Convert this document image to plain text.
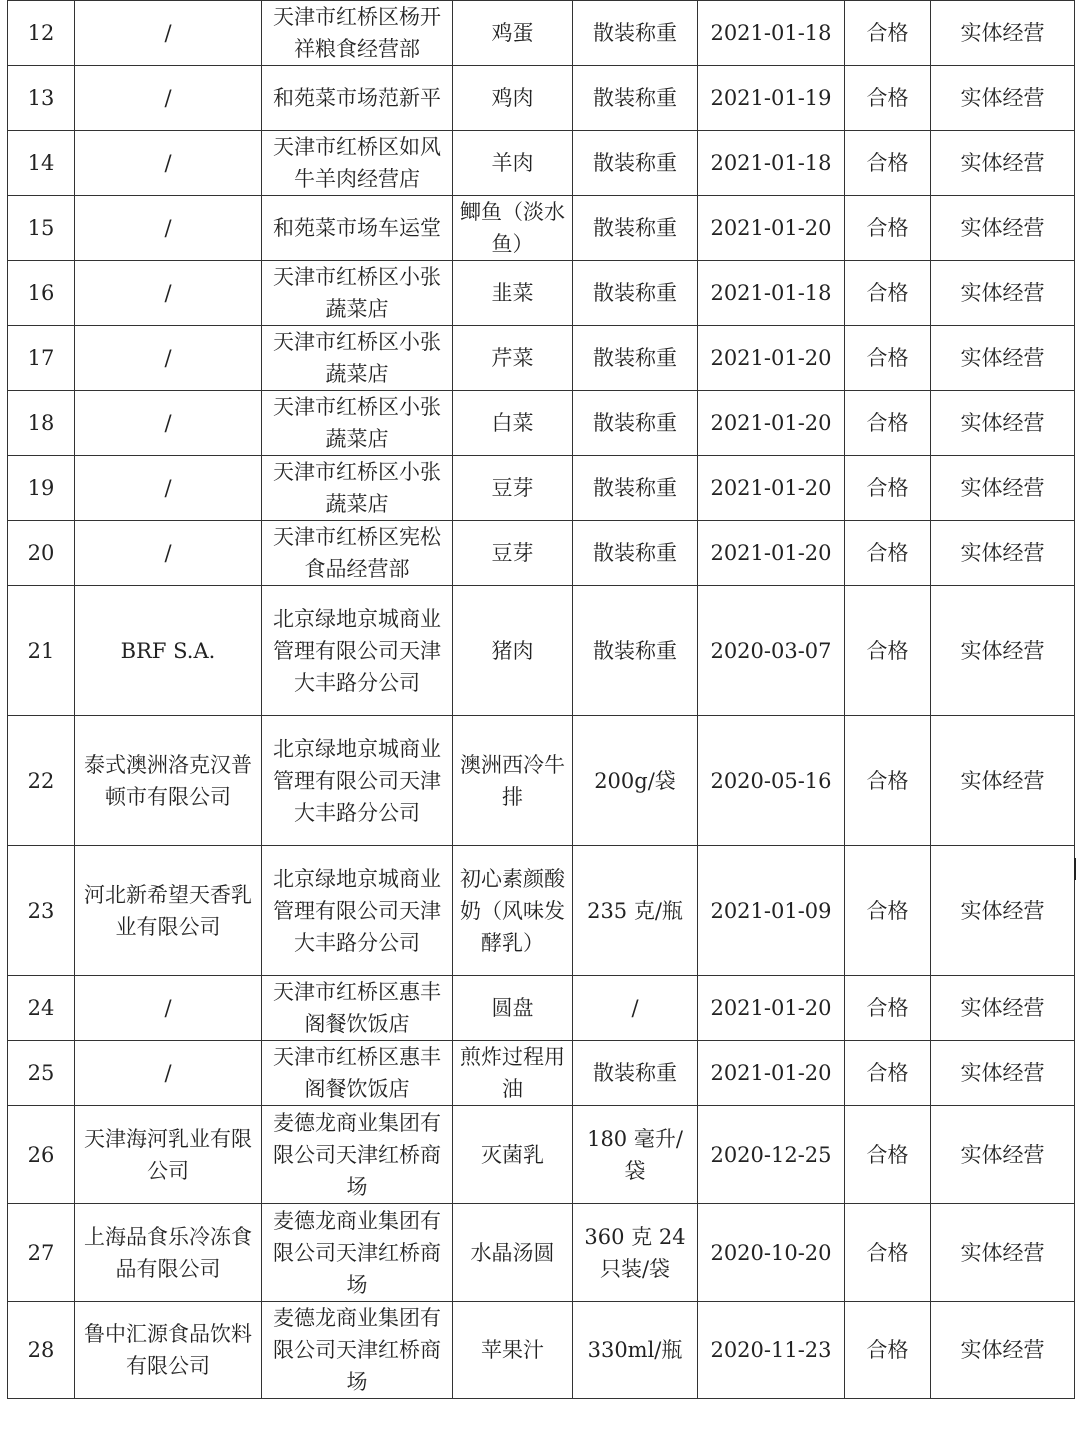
12	/	天津市红桥区杨开祥粮食经营部	鸡蛋	散装称重	2021-01-18	合格	实体经营
13	/	和苑菜市场范新平	鸡肉	散装称重	2021-01-19	合格	实体经营
14	/	天津市红桥区如风牛羊肉经营店	羊肉	散装称重	2021-01-18	合格	实体经营
15	/	和苑菜市场车运堂	鲫鱼（淡水鱼）	散装称重	2021-01-20	合格	实体经营
16	/	天津市红桥区小张蔬菜店	韭菜	散装称重	2021-01-18	合格	实体经营
17	/	天津市红桥区小张蔬菜店	芹菜	散装称重	2021-01-20	合格	实体经营
18	/	天津市红桥区小张蔬菜店	白菜	散装称重	2021-01-20	合格	实体经营
19	/	天津市红桥区小张蔬菜店	豆芽	散装称重	2021-01-20	合格	实体经营
20	/	天津市红桥区宪松食品经营部	豆芽	散装称重	2021-01-20	合格	实体经营
21	BRF S.A.	北京绿地京城商业管理有限公司天津大丰路分公司	猪肉	散装称重	2020-03-07	合格	实体经营
22	泰式澳洲洛克汉普顿市有限公司	北京绿地京城商业管理有限公司天津大丰路分公司	澳洲西冷牛排	200g/袋	2020-05-16	合格	实体经营
23	河北新希望天香乳业有限公司	北京绿地京城商业管理有限公司天津大丰路分公司	初心素颜酸奶（风味发酵乳）	235 克/瓶	2021-01-09	合格	实体经营
24	/	天津市红桥区惠丰阁餐饮饭店	圆盘	/	2021-01-20	合格	实体经营
25	/	天津市红桥区惠丰阁餐饮饭店	煎炸过程用油	散装称重	2021-01-20	合格	实体经营
26	天津海河乳业有限公司	麦德龙商业集团有限公司天津红桥商场	灭菌乳	180 毫升/袋	2020-12-25	合格	实体经营
27	上海品食乐冷冻食品有限公司	麦德龙商业集团有限公司天津红桥商场	水晶汤圆	360 克 24 只装/袋	2020-10-20	合格	实体经营
28	鲁中汇源食品饮料有限公司	麦德龙商业集团有限公司天津红桥商场	苹果汁	330ml/瓶	2020-11-23	合格	实体经营
